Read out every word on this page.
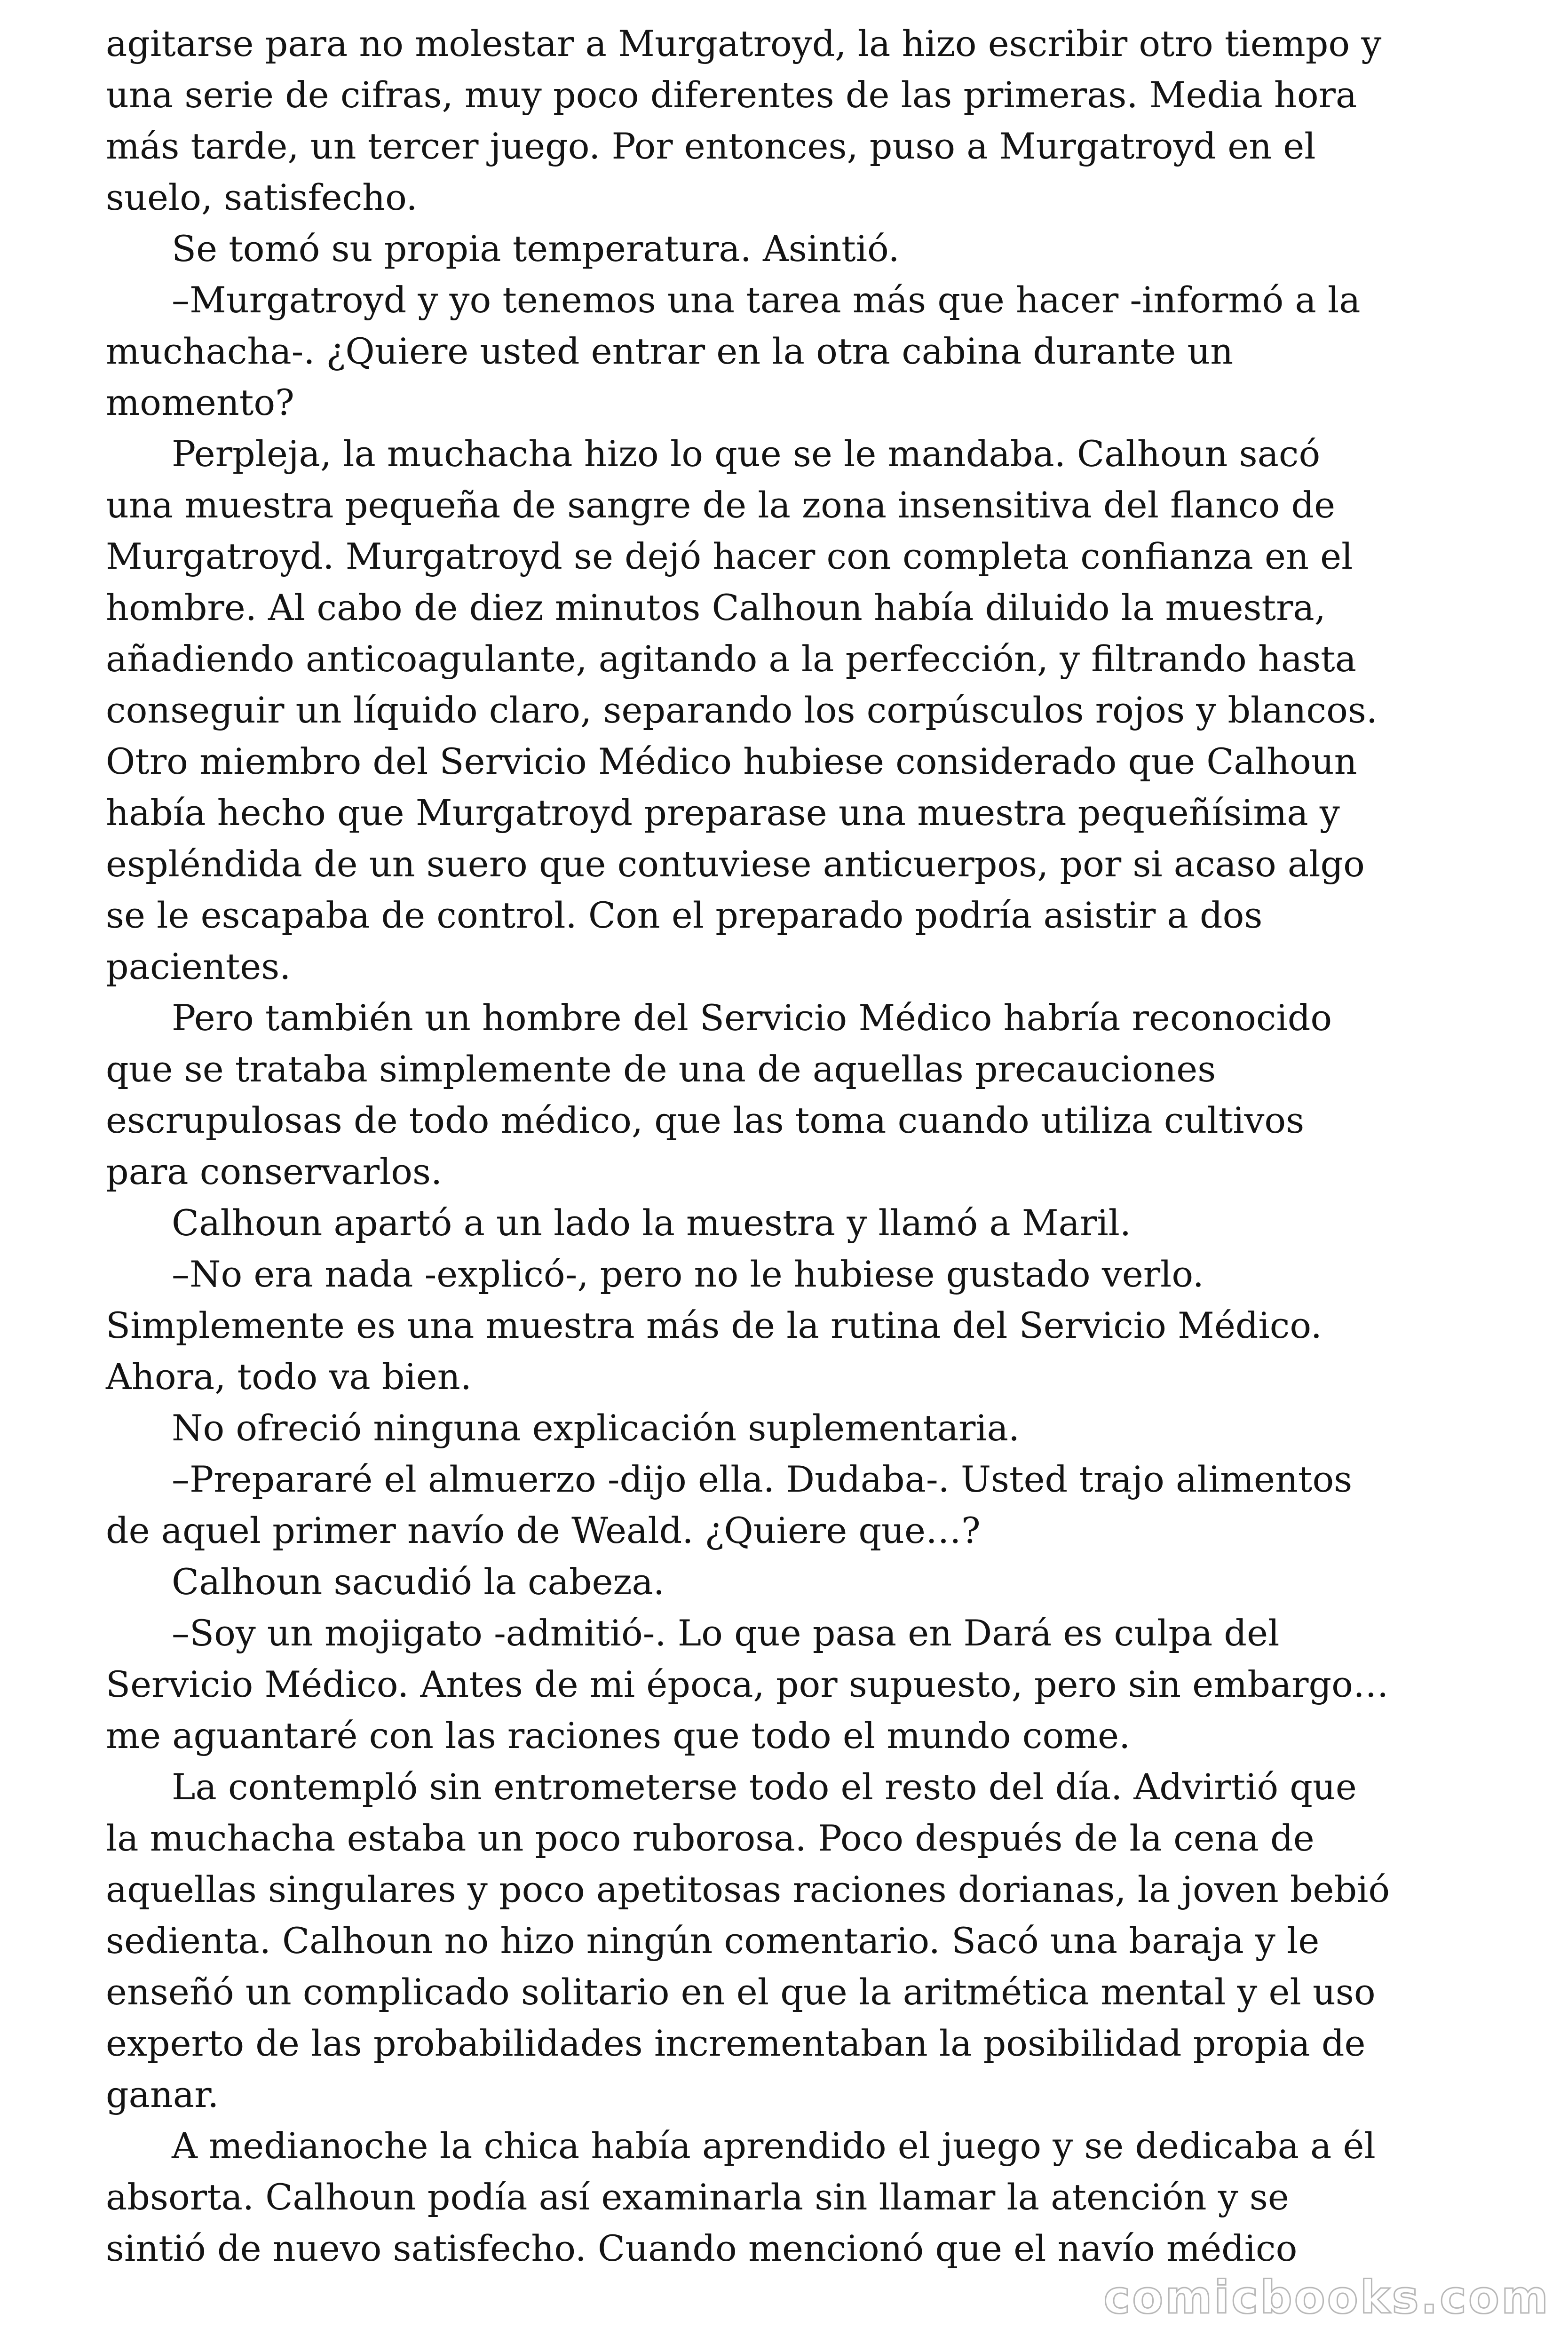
agitarse para no molestar a Murgatroyd, la hizo escribir otro tiempo y
una serie de cifras, muy poco diferentes de las primeras. Media hora
más tarde, un tercer juego. Por entonces, puso a Murgatroyd en el
suelo, satisfecho.
Se tomó su propia temperatura. Asintió.
–Murgatroyd y yo tenemos una tarea más que hacer -informó a la
muchacha-. ¿Quiere usted entrar en la otra cabina durante un
momento?
Perpleja, la muchacha hizo lo que se le mandaba. Calhoun sacó
una muestra pequeña de sangre de la zona insensitiva del flanco de
Murgatroyd. Murgatroyd se dejó hacer con completa confianza en el
hombre. Al cabo de diez minutos Calhoun había diluido la muestra,
añadiendo anticoagulante, agitando a la perfección, y filtrando hasta
conseguir un líquido claro, separando los corpúsculos rojos y blancos.
Otro miembro del Servicio Médico hubiese considerado que Calhoun
había hecho que Murgatroyd preparase una muestra pequeñísima y
espléndida de un suero que contuviese anticuerpos, por si acaso algo
se le escapaba de control. Con el preparado podría asistir a dos
pacientes.
Pero también un hombre del Servicio Médico habría reconocido
que se trataba simplemente de una de aquellas precauciones
escrupulosas de todo médico, que las toma cuando utiliza cultivos
para conservarlos.
Calhoun apartó a un lado la muestra y llamó a Maril.
–No era nada -explicó-, pero no le hubiese gustado verlo.
Simplemente es una muestra más de la rutina del Servicio Médico.
Ahora, todo va bien.
No ofreció ninguna explicación suplementaria.
–Prepararé el almuerzo -dijo ella. Dudaba-. Usted trajo alimentos
de aquel primer navío de Weald. ¿Quiere que…?
Calhoun sacudió la cabeza.
–Soy un mojigato -admitió-. Lo que pasa en Dará es culpa del
Servicio Médico. Antes de mi época, por supuesto, pero sin embargo…
me aguantaré con las raciones que todo el mundo come.
La contempló sin entrometerse todo el resto del día. Advirtió que
la muchacha estaba un poco ruborosa. Poco después de la cena de
aquellas singulares y poco apetitosas raciones dorianas, la joven bebió
sedienta. Calhoun no hizo ningún comentario. Sacó una baraja y le
enseñó un complicado solitario en el que la aritmética mental y el uso
experto de las probabilidades incrementaban la posibilidad propia de
ganar.
A medianoche la chica había aprendido el juego y se dedicaba a él
absorta. Calhoun podía así examinarla sin llamar la atención y se
sintió de nuevo satisfecho. Cuando mencionó que el navío médico
comicbooks.com
